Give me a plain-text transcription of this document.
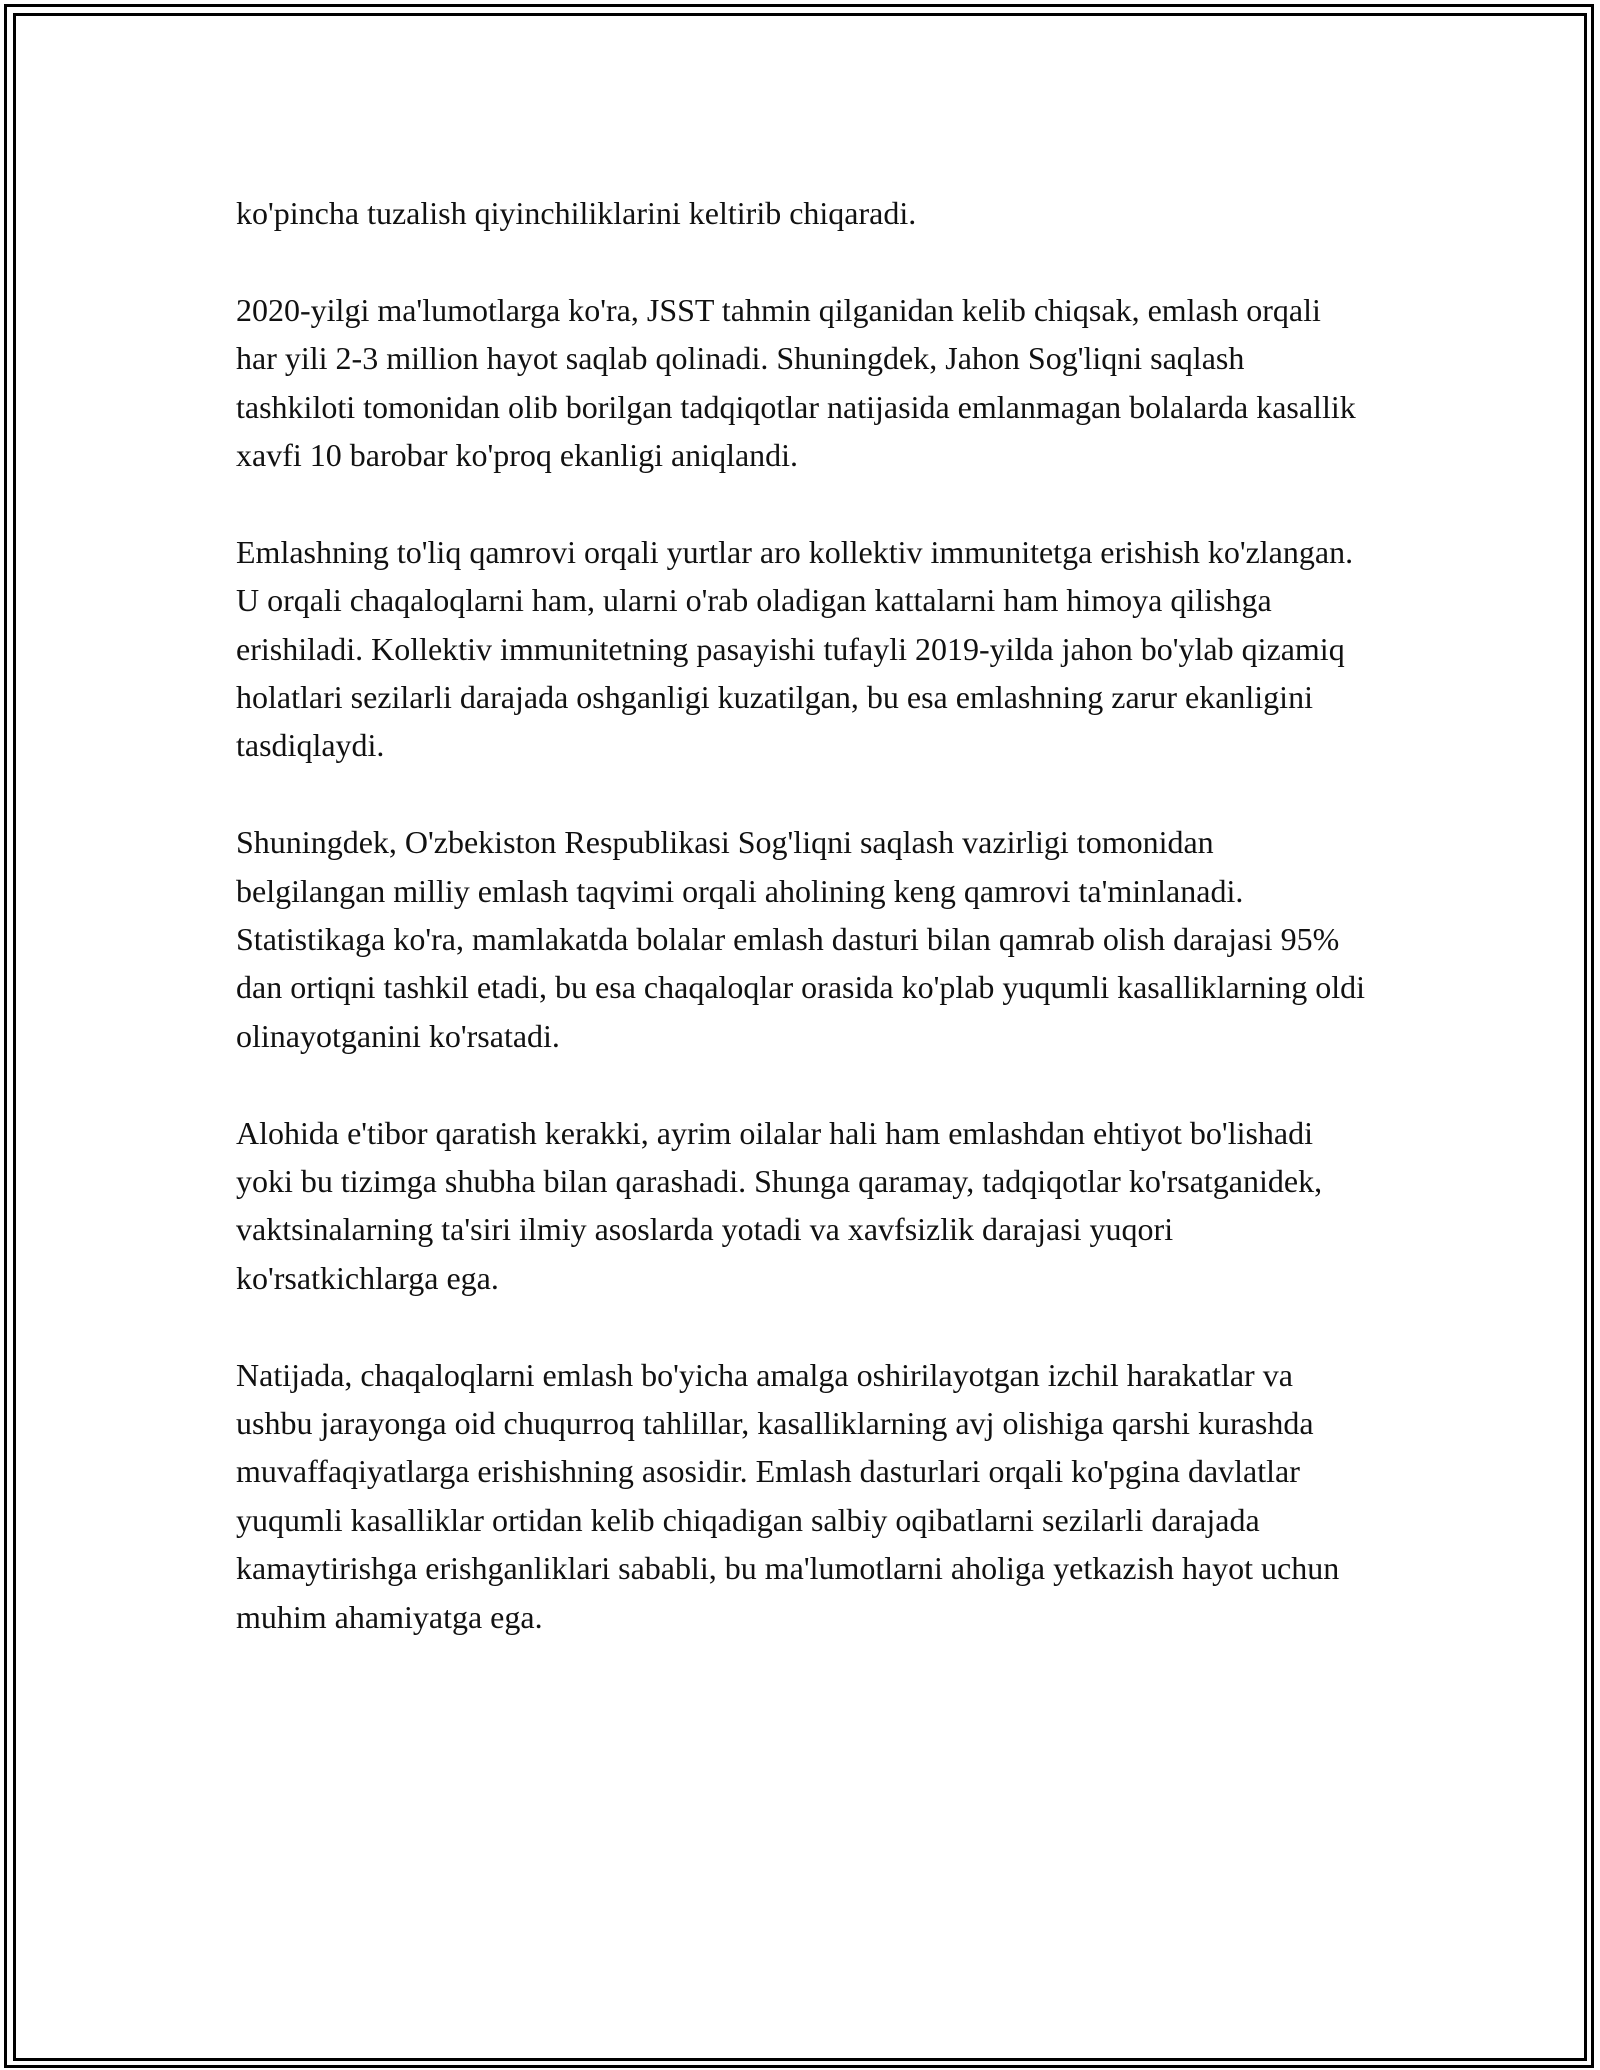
ko'pincha tuzalish qiyinchiliklarini keltirib chiqaradi.

2020-yilgi ma'lumotlarga ko'ra, JSST tahmin qilganidan kelib chiqsak, emlash orqali har yili 2-3 million hayot saqlab qolinadi. Shuningdek, Jahon Sog'liqni saqlash tashkiloti tomonidan olib borilgan tadqiqotlar natijasida emlanmagan bolalarda kasallik xavfi 10 barobar ko'proq ekanligi aniqlandi.

Emlashning to'liq qamrovi orqali yurtlar aro kollektiv immunitetga erishish ko'zlangan. U orqali chaqaloqlarni ham, ularni o'rab oladigan kattalarni ham himoya qilishga erishiladi. Kollektiv immunitetning pasayishi tufayli 2019-yilda jahon bo'ylab qizamiq holatlari sezilarli darajada oshganligi kuzatilgan, bu esa emlashning zarur ekanligini tasdiqlaydi.

Shuningdek, O'zbekiston Respublikasi Sog'liqni saqlash vazirligi tomonidan belgilangan milliy emlash taqvimi orqali aholining keng qamrovi ta'minlanadi. Statistikaga ko'ra, mamlakatda bolalar emlash dasturi bilan qamrab olish darajasi 95% dan ortiqni tashkil etadi, bu esa chaqaloqlar orasida ko'plab yuqumli kasalliklarning oldi olinayotganini ko'rsatadi.

Alohida e'tibor qaratish kerakki, ayrim oilalar hali ham emlashdan ehtiyot bo'lishadi yoki bu tizimga shubha bilan qarashadi. Shunga qaramay, tadqiqotlar ko'rsatganidek, vaktsinalarning ta'siri ilmiy asoslarda yotadi va xavfsizlik darajasi yuqori ko'rsatkichlarga ega.

Natijada, chaqaloqlarni emlash bo'yicha amalga oshirilayotgan izchil harakatlar va ushbu jarayonga oid chuqurroq tahlillar, kasalliklarning avj olishiga qarshi kurashda muvaffaqiyatlarga erishishning asosidir. Emlash dasturlari orqali ko'pgina davlatlar yuqumli kasalliklar ortidan kelib chiqadigan salbiy oqibatlarni sezilarli darajada kamaytirishga erishganliklari sababli, bu ma'lumotlarni aholiga yetkazish hayot uchun muhim ahamiyatga ega.
